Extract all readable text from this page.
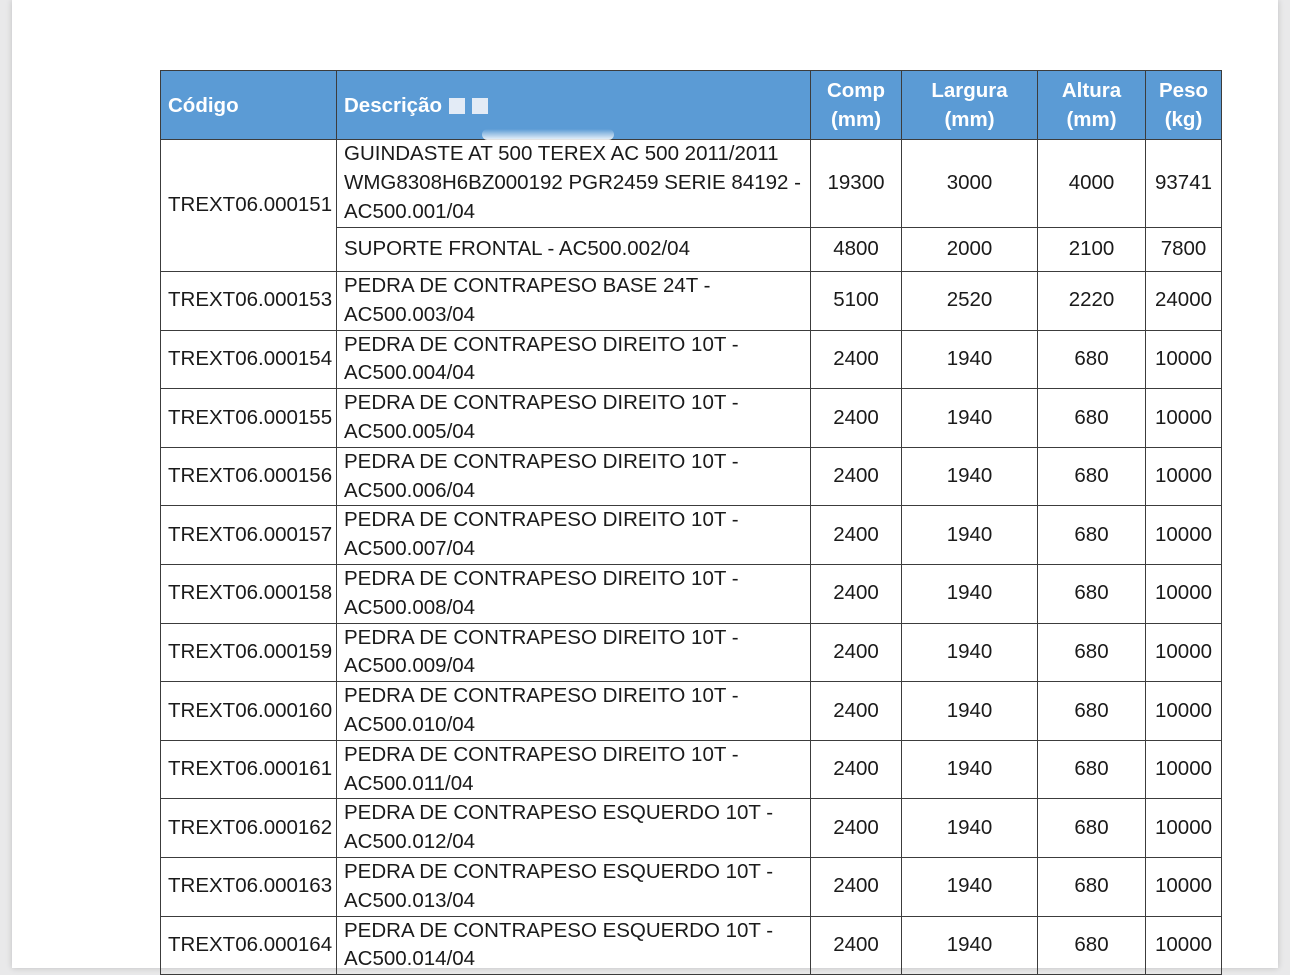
Código	Descrição	Comp (mm)	Largura (mm)	Altura (mm)	Peso (kg)
TREXT06.000151	GUINDASTE AT 500 TEREX AC 500 2011/2011 WMG8308H6BZ000192 PGR2459 SERIE 84192 - AC500.001/04	19300	3000	4000	93741
	SUPORTE FRONTAL - AC500.002/04	4800	2000	2100	7800
TREXT06.000153	PEDRA DE CONTRAPESO BASE 24T - AC500.003/04	5100	2520	2220	24000
TREXT06.000154	PEDRA DE CONTRAPESO DIREITO 10T - AC500.004/04	2400	1940	680	10000
TREXT06.000155	PEDRA DE CONTRAPESO DIREITO 10T - AC500.005/04	2400	1940	680	10000
TREXT06.000156	PEDRA DE CONTRAPESO DIREITO 10T - AC500.006/04	2400	1940	680	10000
TREXT06.000157	PEDRA DE CONTRAPESO DIREITO 10T - AC500.007/04	2400	1940	680	10000
TREXT06.000158	PEDRA DE CONTRAPESO DIREITO 10T - AC500.008/04	2400	1940	680	10000
TREXT06.000159	PEDRA DE CONTRAPESO DIREITO 10T - AC500.009/04	2400	1940	680	10000
TREXT06.000160	PEDRA DE CONTRAPESO DIREITO 10T - AC500.010/04	2400	1940	680	10000
TREXT06.000161	PEDRA DE CONTRAPESO DIREITO 10T - AC500.011/04	2400	1940	680	10000
TREXT06.000162	PEDRA DE CONTRAPESO ESQUERDO 10T - AC500.012/04	2400	1940	680	10000
TREXT06.000163	PEDRA DE CONTRAPESO ESQUERDO 10T - AC500.013/04	2400	1940	680	10000
TREXT06.000164	PEDRA DE CONTRAPESO ESQUERDO 10T - AC500.014/04	2400	1940	680	10000
